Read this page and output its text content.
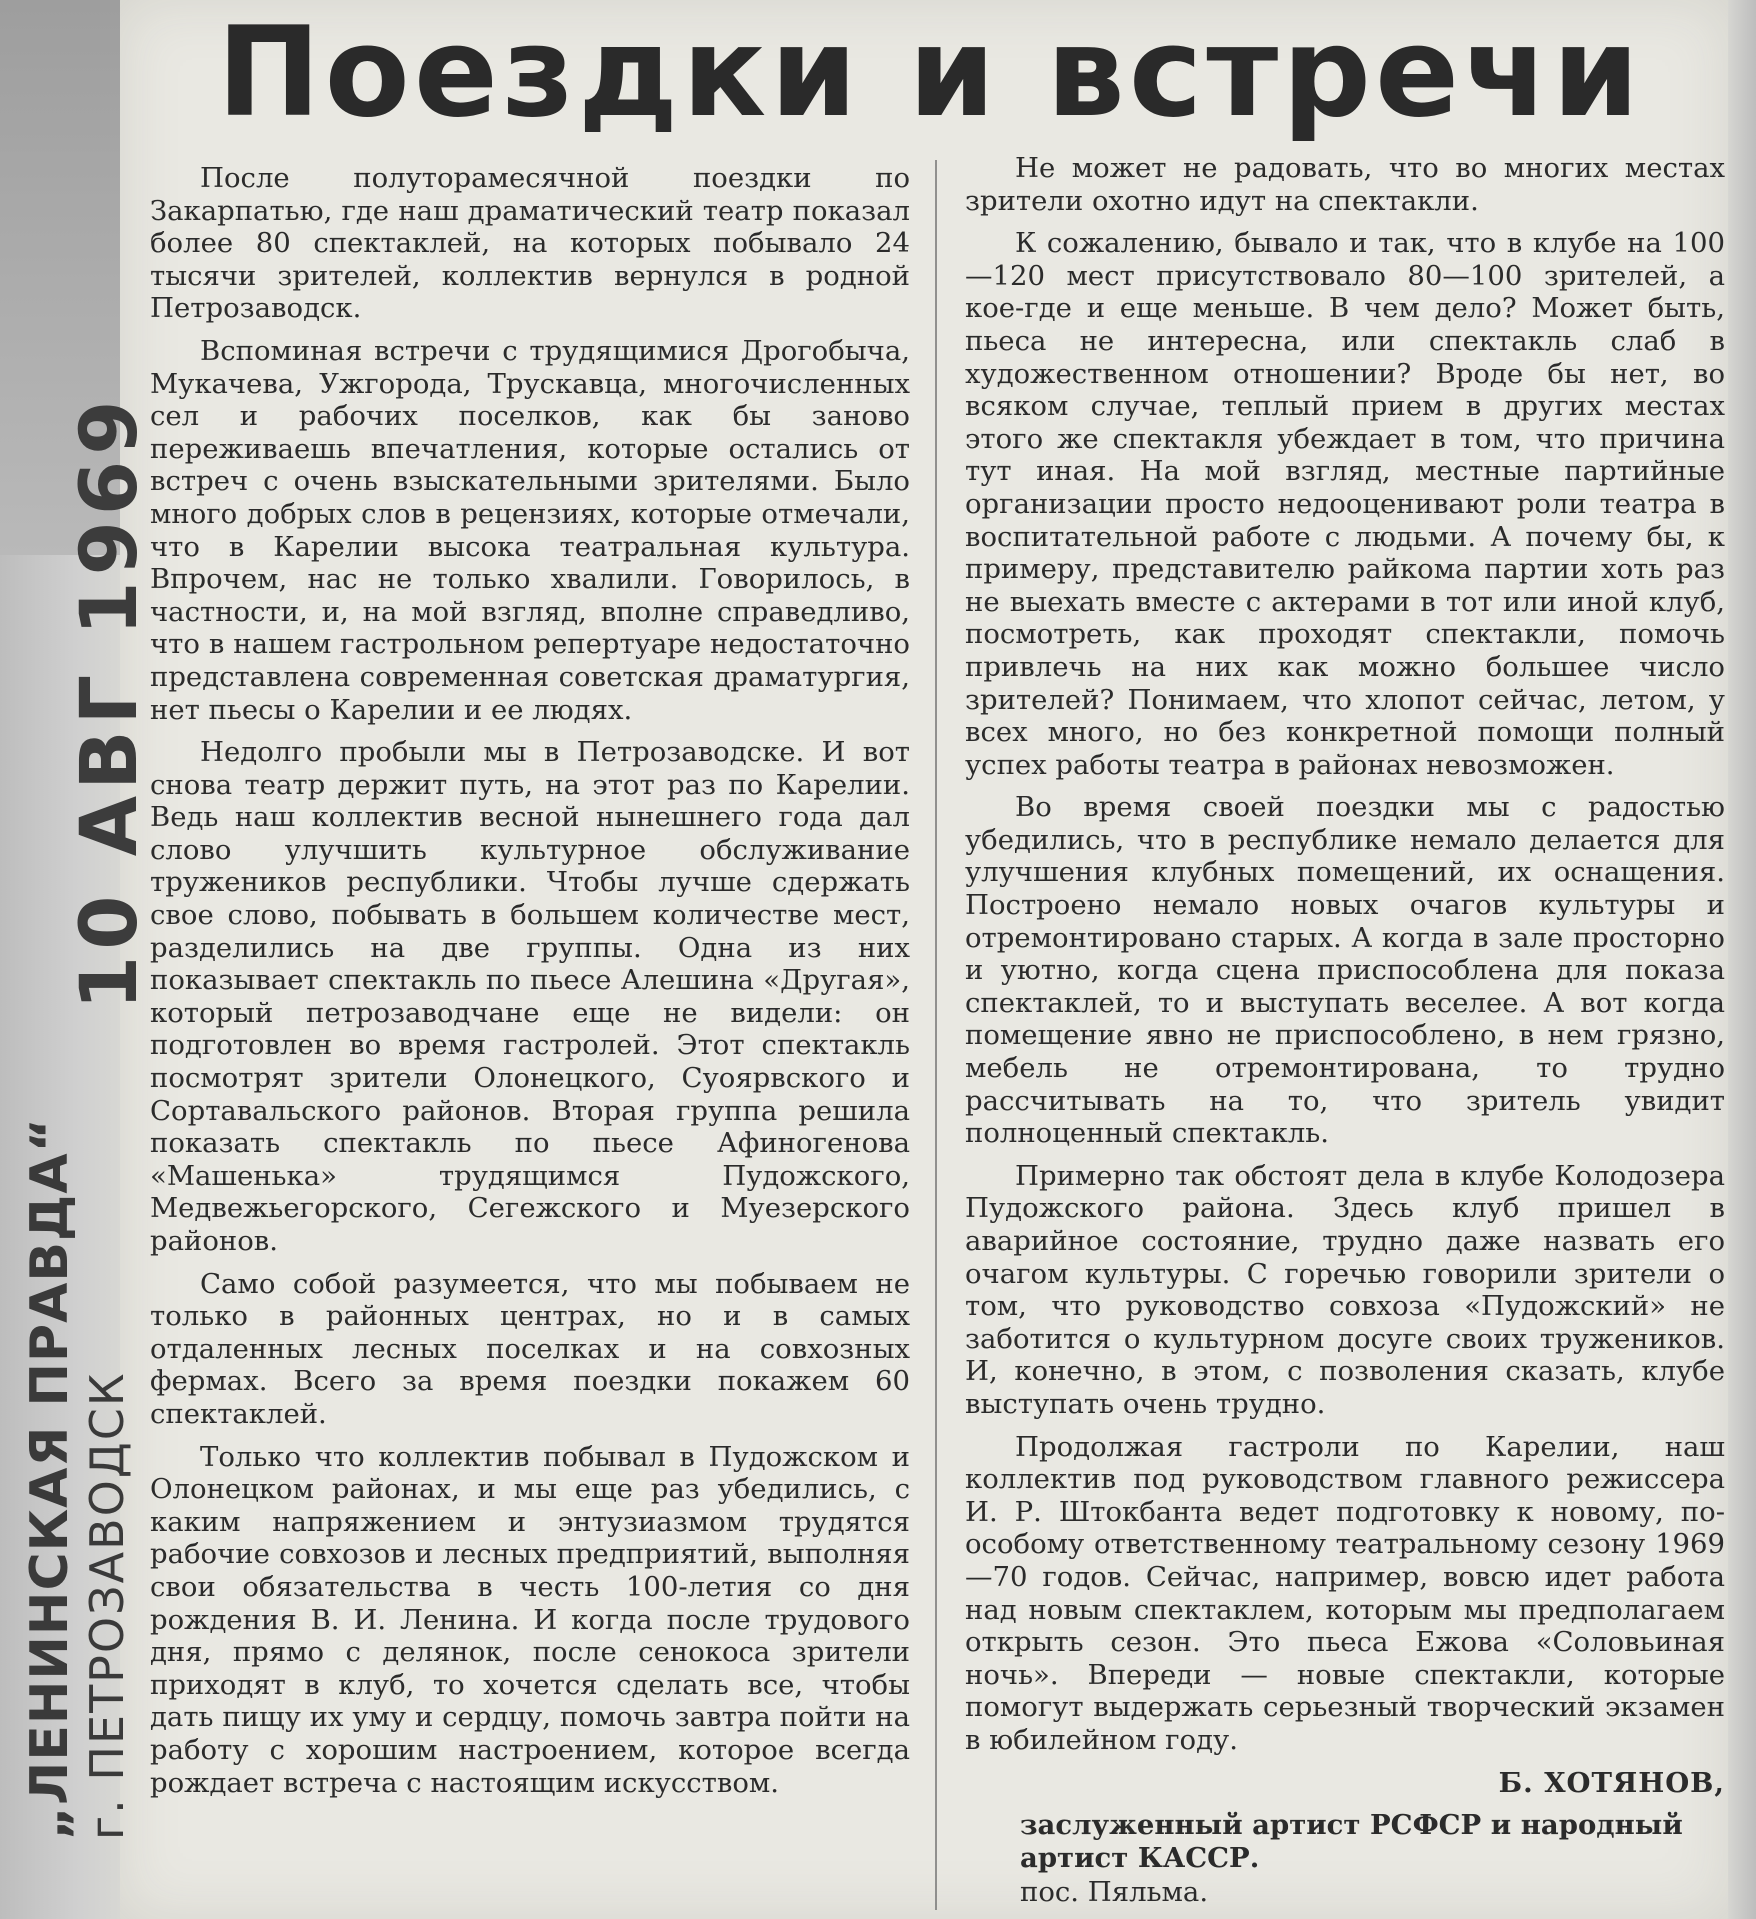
Поездки и встречи
„ЛЕНИНСКАЯ ПРАВДА“ г. ПЕТРОЗАВОДСК
10 АВГ 1969

После полуторамесячной поездки по Закарпатью, где наш драматический театр показал более 80 спектаклей, на которых побывало 24 тысячи зрителей, коллектив вернулся в родной Петрозаводск.

Вспоминая встречи с трудящимися Дрогобыча, Мукачева, Ужгорода, Трускавца, многочисленных сел и рабочих поселков, как бы заново переживаешь впечатления, которые остались от встреч с очень взыскательными зрителями. Было много добрых слов в рецензиях, которые отмечали, что в Карелии высока театральная культура. Впрочем, нас не только хвалили. Говорилось, в частности, и, на мой взгляд, вполне справедливо, что в нашем гастрольном репертуаре недостаточно представлена современная советская драматургия, нет пьесы о Карелии и ее людях.

Недолго пробыли мы в Петрозаводске. И вот снова театр держит путь, на этот раз по Карелии. Ведь наш коллектив весной нынешнего года дал слово улучшить культурное обслуживание тружеников республики. Чтобы лучше сдержать свое слово, побывать в большем количестве мест, разделились на две группы. Одна из них показывает спектакль по пьесе Алешина «Другая», который петрозаводчане еще не видели: он подготовлен во время гастролей. Этот спектакль посмотрят зрители Олонецкого, Суоярвского и Сортавальского районов. Вторая группа решила показать спектакль по пьесе Афиногенова «Машенька» трудящимся Пудожского, Медвежьегорского, Сегежского и Муезерского районов.

Само собой разумеется, что мы побываем не только в районных центрах, но и в самых отдаленных лесных поселках и на совхозных фермах. Всего за время поездки покажем 60 спектаклей.

Только что коллектив побывал в Пудожском и Олонецком районах, и мы еще раз убедились, с каким напряжением и энтузиазмом трудятся рабочие совхозов и лесных предприятий, выполняя свои обязательства в честь 100-летия со дня рождения В. И. Ленина. И когда после трудового дня, прямо с делянок, после сенокоса зрители приходят в клуб, то хочется сделать все, чтобы дать пищу их уму и сердцу, помочь завтра пойти на работу с хорошим настроением, которое всегда рождает встреча с настоящим искусством.

Не может не радовать, что во многих местах зрители охотно идут на спектакли.

К сожалению, бывало и так, что в клубе на 100—120 мест присутствовало 80—100 зрителей, а кое-где и еще меньше. В чем дело? Может быть, пьеса не интересна, или спектакль слаб в художественном отношении? Вроде бы нет, во всяком случае, теплый прием в других местах этого же спектакля убеждает в том, что причина тут иная. На мой взгляд, местные партийные организации просто недооценивают роли театра в воспитательной работе с людьми. А почему бы, к примеру, представителю райкома партии хоть раз не выехать вместе с актерами в тот или иной клуб, посмотреть, как проходят спектакли, помочь привлечь на них как можно большее число зрителей? Понимаем, что хлопот сейчас, летом, у всех много, но без конкретной помощи полный успех работы театра в районах невозможен.

Во время своей поездки мы с радостью убедились, что в республике немало делается для улучшения клубных помещений, их оснащения. Построено немало новых очагов культуры и отремонтировано старых. А когда в зале просторно и уютно, когда сцена приспособлена для показа спектаклей, то и выступать веселее. А вот когда помещение явно не приспособлено, в нем грязно, мебель не отремонтирована, то трудно рассчитывать на то, что зритель увидит полноценный спектакль.

Примерно так обстоят дела в клубе Колодозера Пудожского района. Здесь клуб пришел в аварийное состояние, трудно даже назвать его очагом культуры. С горечью говорили зрители о том, что руководство совхоза «Пудожский» не заботится о культурном досуге своих тружеников. И, конечно, в этом, с позволения сказать, клубе выступать очень трудно.

Продолжая гастроли по Карелии, наш коллектив под руководством главного режиссера И. Р. Штокбанта ведет подготовку к новому, по-особому ответственному театральному сезону 1969—70 годов. Сейчас, например, вовсю идет работа над новым спектаклем, которым мы предполагаем открыть сезон. Это пьеса Ежова «Соловьиная ночь». Впереди — новые спектакли, которые помогут выдержать серьезный творческий экзамен в юбилейном году.

Б. ХОТЯНОВ,

заслуженный артист РСФСР и народный артист КАССР.

пос. Пяльма.
